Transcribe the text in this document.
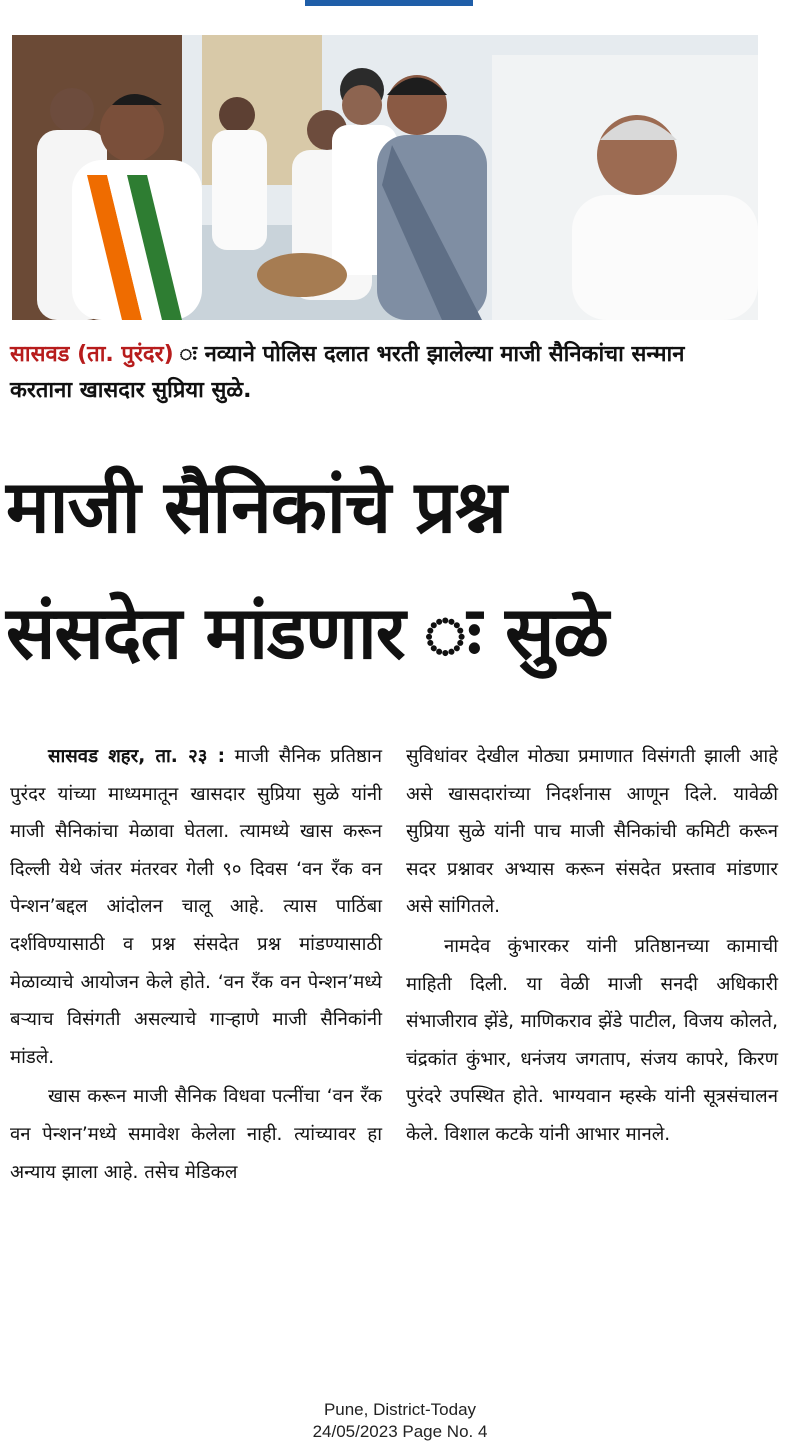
सासवड (ता. पुरंदर) ः नव्याने पोलिस दलात भरती झालेल्या माजी सैनिकांचा सन्मान करताना खासदार सुप्रिया सुळे.
माजी सैनिकांचे प्रश्न
संसदेत मांडणार ः सुळे

सासवड शहर, ता. २३ : माजी सैनिक प्रतिष्ठान पुरंदर यांच्या माध्यमातून खासदार सुप्रिया सुळे यांनी माजी सैनिकांचा मेळावा घेतला. त्यामध्ये खास करून दिल्ली येथे जंतर मंतरवर गेली ९० दिवस ‘वन रँक वन पेन्शन’बद्दल आंदोलन चालू आहे. त्यास पाठिंबा दर्शविण्यासाठी व प्रश्न संसदेत प्रश्न मांडण्यासाठी मेळाव्याचे आयोजन केले होते. ‘वन रँक वन पेन्शन’मध्ये बऱ्याच विसंगती असल्याचे गाऱ्हाणे माजी सैनिकांनी मांडले.

खास करून माजी सैनिक विधवा पत्नींचा ‘वन रँक वन पेन्शन’मध्ये समावेश केलेला नाही. त्यांच्यावर हा अन्याय झाला आहे. तसेच मेडिकल

सुविधांवर देखील मोठ्या प्रमाणात विसंगती झाली आहे असे खासदारांच्या निदर्शनास आणून दिले. यावेळी सुप्रिया सुळे यांनी पाच माजी सैनिकांची कमिटी करून सदर प्रश्नावर अभ्यास करून संसदेत प्रस्ताव मांडणार असे सांगितले.

नामदेव कुंभारकर यांनी प्रतिष्ठानच्या कामाची माहिती दिली. या वेळी माजी सनदी अधिकारी संभाजीराव झेंडे, माणिकराव झेंडे पाटील, विजय कोलते, चंद्रकांत कुंभार, धनंजय जगताप, संजय कापरे, किरण पुरंदरे उपस्थित होते. भाग्यवान म्हस्के यांनी सूत्रसंचालन केले. विशाल कटके यांनी आभार मानले.

Pune, District-Today
24/05/2023 Page No. 4
